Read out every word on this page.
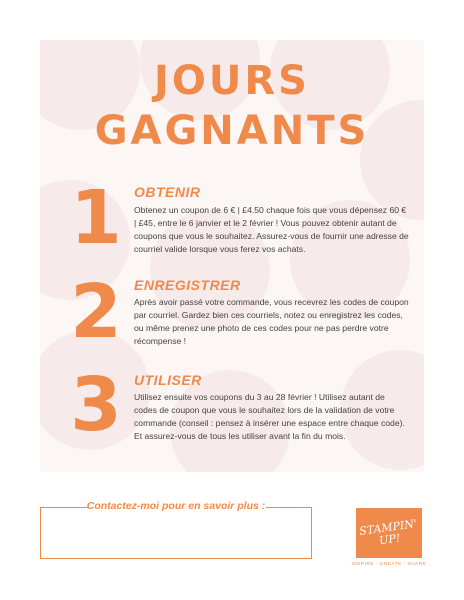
JOURS
GAGNANTS
1 OBTENIR
Obtenez un coupon de 6 € | £4.50 chaque fois que vous dépensez 60 € | £45, entre le 6 janvier et le 2 février ! Vous pouvez obtenir autant de coupons que vous le souhaitez. Assurez-vous de fournir une adresse de courriel valide lorsque vous ferez vos achats.
2 ENREGISTRER
Après avoir passé votre commande, vous recevrez les codes de coupon par courriel. Gardez bien ces courriels, notez ou enregistrez les codes, ou même prenez une photo de ces codes pour ne pas perdre votre récompense !
3 UTILISER
Utilisez ensuite vos coupons du 3 au 28 février ! Utilisez autant de codes de coupon que vous le souhaitez lors de la validation de votre commande (conseil : pensez à insérer une espace entre chaque code). Et assurez-vous de tous les utiliser avant la fin du mois.
Contactez-moi pour en savoir plus :
STAMPIN' UP!
INSPIRE · CREATE · SHARE
